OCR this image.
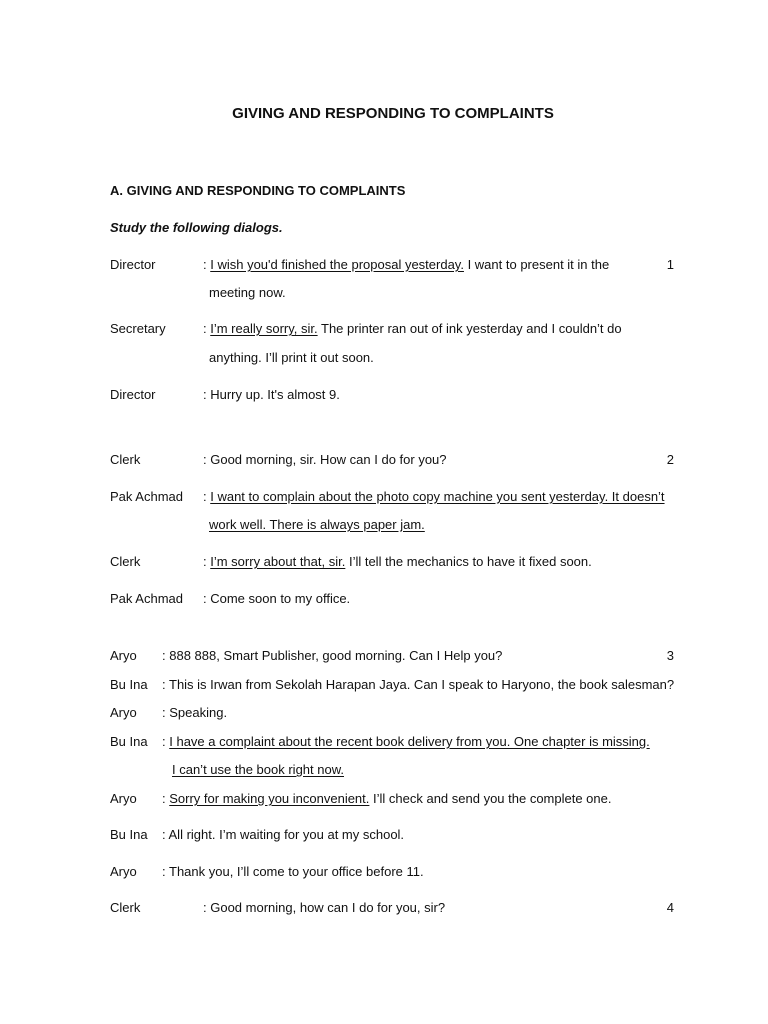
GIVING AND RESPONDING TO COMPLAINTS
A. GIVING AND RESPONDING TO COMPLAINTS
Study the following dialogs.
Director	: I wish you'd finished the proposal yesterday. I want to present it in the	1
meeting now.
Secretary	: I’m really sorry, sir. The printer ran out of ink yesterday and I couldn’t do
anything. I’ll print it out soon.
Director	: Hurry up. It's almost 9.
Clerk	: Good morning, sir. How can I do for you?	2
Pak Achmad : I want to complain about the photo copy machine you sent yesterday. It doesn’t
work well. There is always paper jam.
Clerk	: I’m sorry about that, sir. I’ll tell the mechanics to have it fixed soon.
Pak Achmad : Come soon to my office.
Aryo : 888 888, Smart Publisher, good morning. Can I Help you?	3
Bu Ina : This is Irwan from Sekolah Harapan Jaya. Can I speak to Haryono, the book salesman?
Aryo : Speaking.
Bu Ina : I have a complaint about the recent book delivery from you. One chapter is missing.
I can’t use the book right now.
Aryo : Sorry for making you inconvenient. I’ll check and send you the complete one.
Bu Ina : All right. I’m waiting for you at my school.
Aryo : Thank you, I’ll come to your office before 11.
Clerk	: Good morning, how can I do for you, sir?	4
